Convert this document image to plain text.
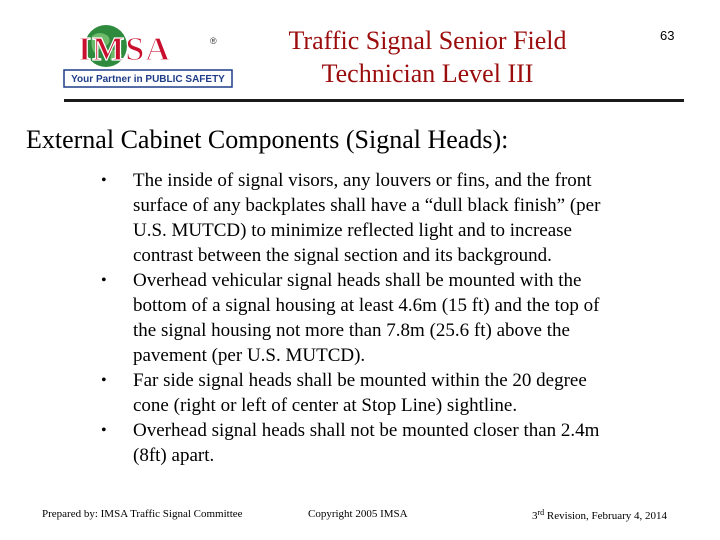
IMSA	®
Your Partner in PUBLIC SAFETY
Traffic Signal Senior Field
Technician Level III
63
External Cabinet Components (Signal Heads):
• The inside of signal visors, any louvers or fins, and the front
surface of any backplates shall have a “dull black finish” (per
U.S. MUTCD) to minimize reflected light and to increase
contrast between the signal section and its background.
• Overhead vehicular signal heads shall be mounted with the
bottom of a signal housing at least 4.6m (15 ft) and the top of
the signal housing not more than 7.8m (25.6 ft) above the
pavement (per U.S. MUTCD).
• Far side signal heads shall be mounted within the 20 degree
cone (right or left of center at Stop Line) sightline.
• Overhead signal heads shall not be mounted closer than 2.4m
(8ft) apart.
Prepared by: IMSA Traffic Signal Committee	Copyright 2005 IMSA	3rd Revision, February 4, 2014
